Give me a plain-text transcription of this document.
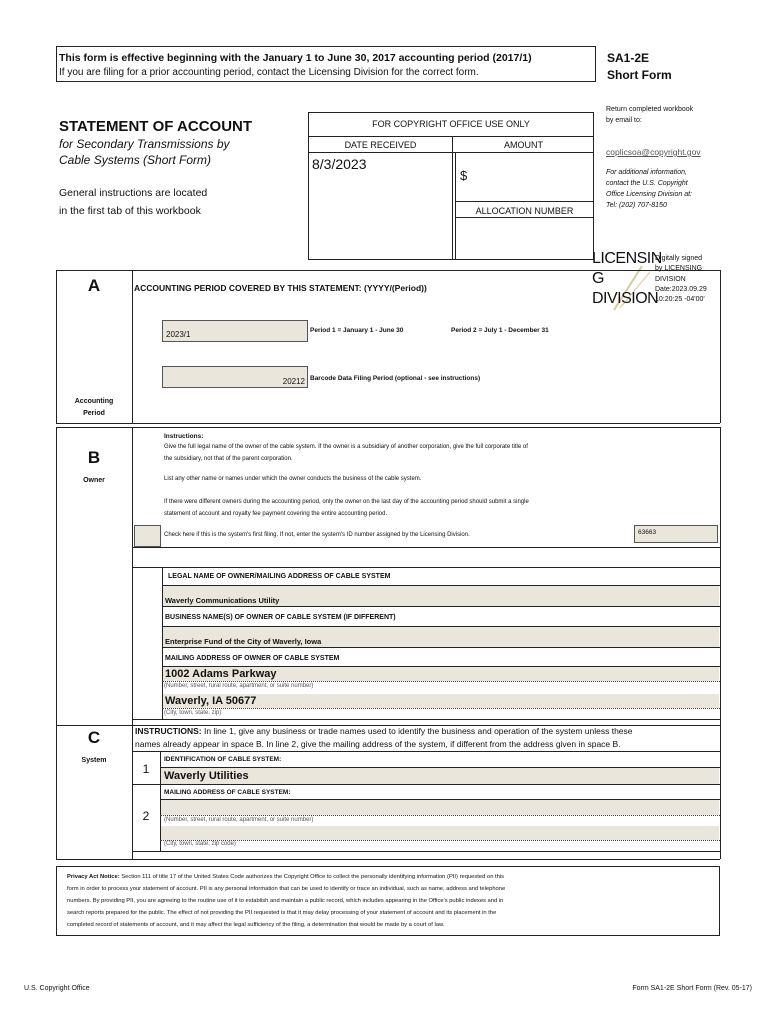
This form is effective beginning with the January 1 to June 30, 2017 accounting period (2017/1)
If you are filing for a prior accounting period, contact the Licensing Division for the correct form.
SA1-2E
Short Form
STATEMENT OF ACCOUNT
for Secondary Transmissions by
Cable Systems (Short Form)
General instructions are located
in the first tab of this workbook
FOR COPYRIGHT OFFICE USE ONLY
DATE RECEIVED	AMOUNT
8/3/2023
$
ALLOCATION NUMBER
Return completed workbook
by email to:
coplicsoa@copyright.gov
For additional information,
contact the U.S. Copyright
Office Licensing Division at:
Tel: (202) 707-8150
LICENSIN
G
DIVISION
Digitally signed
by LICENSING
DIVISION
Date:2023.09.29
10:20:25 -04'00'
A	ACCOUNTING PERIOD COVERED BY THIS STATEMENT: (YYYY/(Period))
2023/1	Period 1 = January 1 - June 30	Period 2 = July 1 - December 31
20212 Barcode Data Filing Period (optional - see instructions)
Accounting
Period
B
Owner
Instructions:
Give the full legal name of the owner of the cable system. If the owner is a subsidiary of another corporation, give the full corporate title of
the subsidiary, not that of the parent corporation.
List any other name or names under which the owner conducts the business of the cable system.
If there were different owners during the accounting period, only the owner on the last day of the accounting period should submit a single
statement of account and royalty fee payment covering the entire accounting period.
Check here if this is the system's first filing. If not, enter the system's ID number assigned by the Licensing Division.	63663
LEGAL NAME OF OWNER/MAILING ADDRESS OF CABLE SYSTEM
Waverly Communications Utility
BUSINESS NAME(S) OF OWNER OF CABLE SYSTEM (IF DIFFERENT)
Enterprise Fund of the City of Waverly, Iowa
MAILING ADDRESS OF OWNER OF CABLE SYSTEM
1002 Adams Parkway
(Number, street, rural route, apartment, or suite number)
Waverly, IA 50677
(City, town, state, zip)
C
System
INSTRUCTIONS: In line 1, give any business or trade names used to identify the business and operation of the system unless these
names already appear in space B. In line 2, give the mailing address of the system, if different from the address given in space B.
1
IDENTIFICATION OF CABLE SYSTEM:
Waverly Utilities
MAILING ADDRESS OF CABLE SYSTEM:
2	(Number, street, rural route, apartment, or suite number)
(City, town, state, zip code)
Privacy Act Notice: Section 111 of title 17 of the United States Code authorizes the Copyright Office to collect the personally identifying information (PII) requested on this
form in order to process your statement of account. PII is any personal information that can be used to identify or trace an individual, such as name, address and telephone
numbers. By providing PII, you are agreeing to the routine use of it to establish and maintain a public record, which includes appearing in the Office's public indexes and in
search reports prepared for the public. The effect of not providing the PII requested is that it may delay processing of your statement of account and its placement in the
completed record of statements of account, and it may affect the legal sufficiency of the filing, a determination that would be made by a court of law.
U.S. Copyright Office	Form SA1-2E Short Form (Rev. 05-17)
